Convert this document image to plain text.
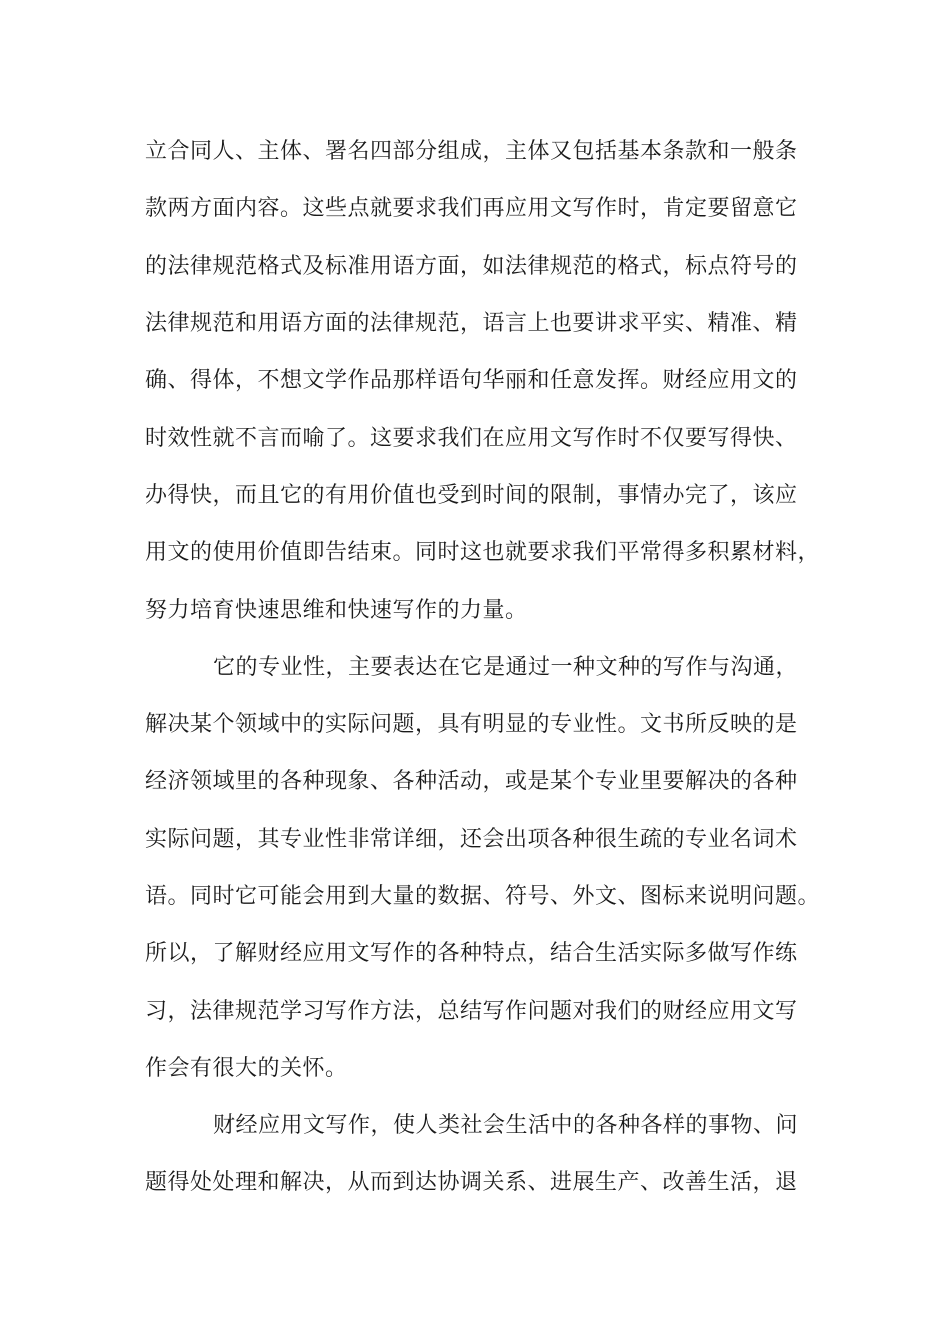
立合同人、主体、署名四部分组成，主体又包括基本条款和一般条
款两方面内容。这些点就要求我们再应用文写作时，肯定要留意它
的法律规范格式及标准用语方面，如法律规范的格式，标点符号的
法律规范和用语方面的法律规范，语言上也要讲求平实、精准、精
确、得体，不想文学作品那样语句华丽和任意发挥。财经应用文的
时效性就不言而喻了。这要求我们在应用文写作时不仅要写得快、
办得快，而且它的有用价值也受到时间的限制，事情办完了，该应
用文的使用价值即告结束。同时这也就要求我们平常得多积累材料，
努力培育快速思维和快速写作的力量。
它的专业性，主要表达在它是通过一种文种的写作与沟通，
解决某个领域中的实际问题，具有明显的专业性。文书所反映的是
经济领域里的各种现象、各种活动，或是某个专业里要解决的各种
实际问题，其专业性非常详细，还会出项各种很生疏的专业名词术
语。同时它可能会用到大量的数据、符号、外文、图标来说明问题。
所以，了解财经应用文写作的各种特点，结合生活实际多做写作练
习，法律规范学习写作方法，总结写作问题对我们的财经应用文写
作会有很大的关怀。
财经应用文写作，使人类社会生活中的各种各样的事物、问
题得处处理和解决，从而到达协调关系、进展生产、改善生活，退
